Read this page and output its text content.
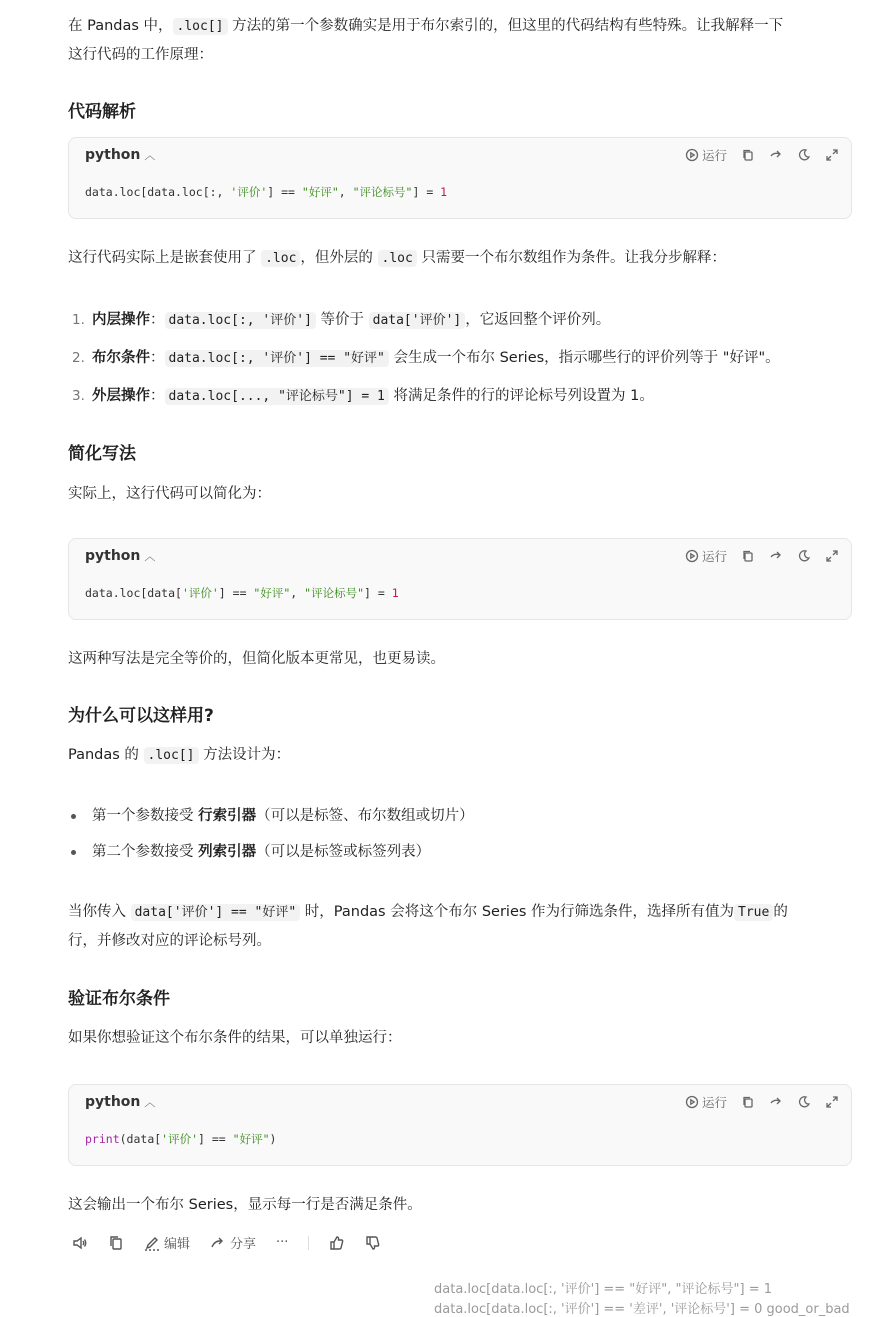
在 Pandas 中， .loc[] 方法的第一个参数确实是用于布尔索引的，但这里的代码结构有些特殊。让我解释一下
这行代码的工作原理：

代码解析
python ︿	运行
data.loc[data.loc[:, '评价'] == "好评", "评论标号"] = 1

这行代码实际上是嵌套使用了 .loc ，但外层的 .loc 只需要一个布尔数组作为条件。让我分步解释：

1. 内层操作： data.loc[:, '评价'] 等价于 data['评价'] ，它返回整个评价列。
2. 布尔条件： data.loc[:, '评价'] == "好评" 会生成一个布尔 Series，指示哪些行的评价列等于 "好评"。
3. 外层操作： data.loc[..., "评论标号"] = 1 将满足条件的行的评论标号列设置为 1。
简化写法

实际上，这行代码可以简化为：

python ︿	运行
data.loc[data['评价'] == "好评", "评论标号"] = 1

这两种写法是完全等价的，但简化版本更常见，也更易读。

为什么可以这样用?

Pandas 的 .loc[] 方法设计为：

第一个参数接受 行索引器（可以是标签、布尔数组或切片）
第二个参数接受 列索引器（可以是标签或标签列表）

当你传入 data['评价'] == "好评" 时，Pandas 会将这个布尔 Series 作为行筛选条件，选择所有值为 True 的
行，并修改对应的评论标号列。

验证布尔条件

如果你想验证这个布尔条件的结果，可以单独运行：

python ︿	运行
print(data['评价'] == "好评")

这会输出一个布尔 Series，显示每一行是否满足条件。

编辑	分享 ···
data.loc[data.loc[:, '评价'] == "好评", "评论标号"] = 1
data.loc[data.loc[:, '评价'] == '差评', '评论标号'] = 0 good_or_bad
